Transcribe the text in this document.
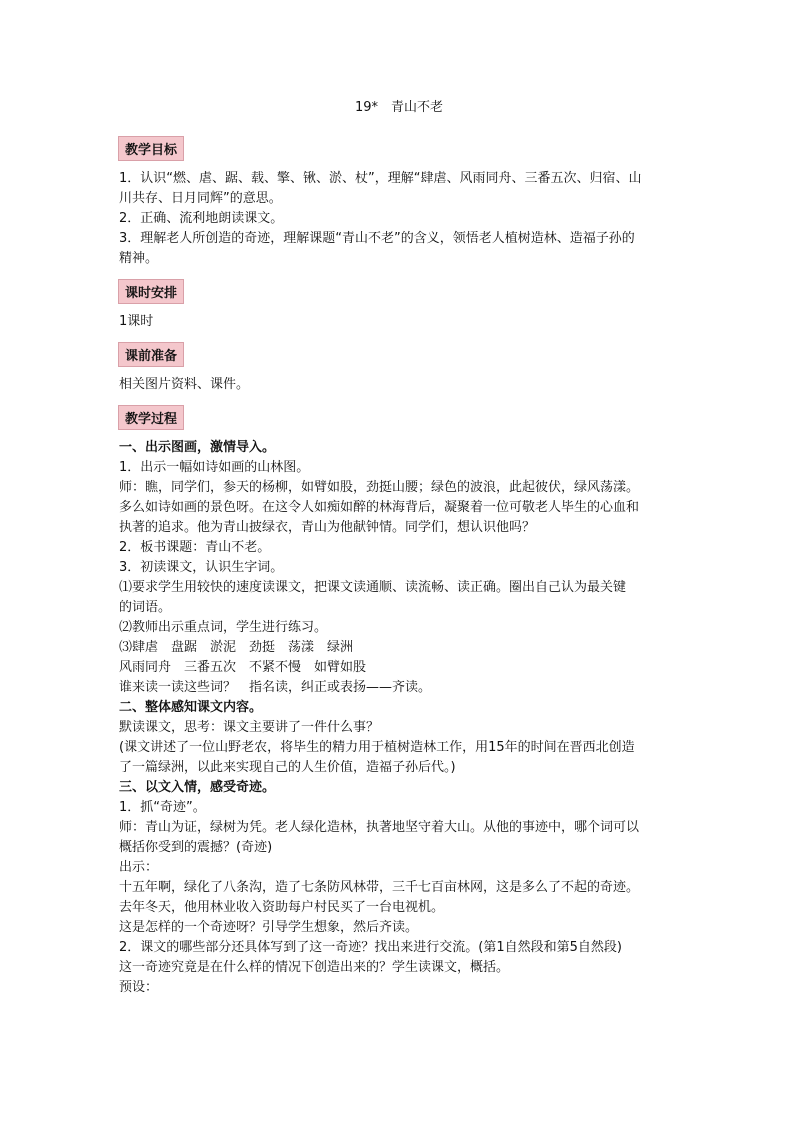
19*　青山不老
教学目标

1．认识“燃、虐、踞、载、擎、锹、淤、杖”，理解“肆虐、风雨同舟、三番五次、归宿、山

川共存、日月同辉”的意思。

2．正确、流利地朗读课文。

3．理解老人所创造的奇迹，理解课题“青山不老”的含义，领悟老人植树造林、造福子孙的

精神。

课时安排

1课时

课前准备

相关图片资料、课件。

教学过程

一、出示图画，激情导入。

1．出示一幅如诗如画的山林图。

师：瞧，同学们，参天的杨柳，如臂如股，劲挺山腰；绿色的波浪，此起彼伏，绿风荡漾。

多么如诗如画的景色呀。在这令人如痴如醉的林海背后，凝聚着一位可敬老人毕生的心血和

执著的追求。他为青山披绿衣，青山为他献钟情。同学们，想认识他吗？

2．板书课题：青山不老。

3．初读课文，认识生字词。

⑴要求学生用较快的速度读课文，把课文读通顺、读流畅、读正确。圈出自己认为最关键

的词语。

⑵教师出示重点词，学生进行练习。

⑶肆虐　盘踞　淤泥　劲挺　荡漾　绿洲

风雨同舟　三番五次　不紧不慢　如臂如股

谁来读一读这些词？　指名读，纠正或表扬——齐读。

二、整体感知课文内容。

默读课文，思考：课文主要讲了一件什么事？

(课文讲述了一位山野老农，将毕生的精力用于植树造林工作，用15年的时间在晋西北创造

了一篇绿洲，以此来实现自己的人生价值，造福子孙后代。)

三、以文入情，感受奇迹。

1．抓“奇迹”。

师：青山为证，绿树为凭。老人绿化造林，执著地坚守着大山。从他的事迹中，哪个词可以

概括你受到的震撼？(奇迹)

出示：

十五年啊，绿化了八条沟，造了七条防风林带，三千七百亩林网，这是多么了不起的奇迹。

去年冬天，他用林业收入资助每户村民买了一台电视机。

这是怎样的一个奇迹呀？引导学生想象，然后齐读。

2．课文的哪些部分还具体写到了这一奇迹？找出来进行交流。(第1自然段和第5自然段)

这一奇迹究竟是在什么样的情况下创造出来的？学生读课文，概括。

预设：
